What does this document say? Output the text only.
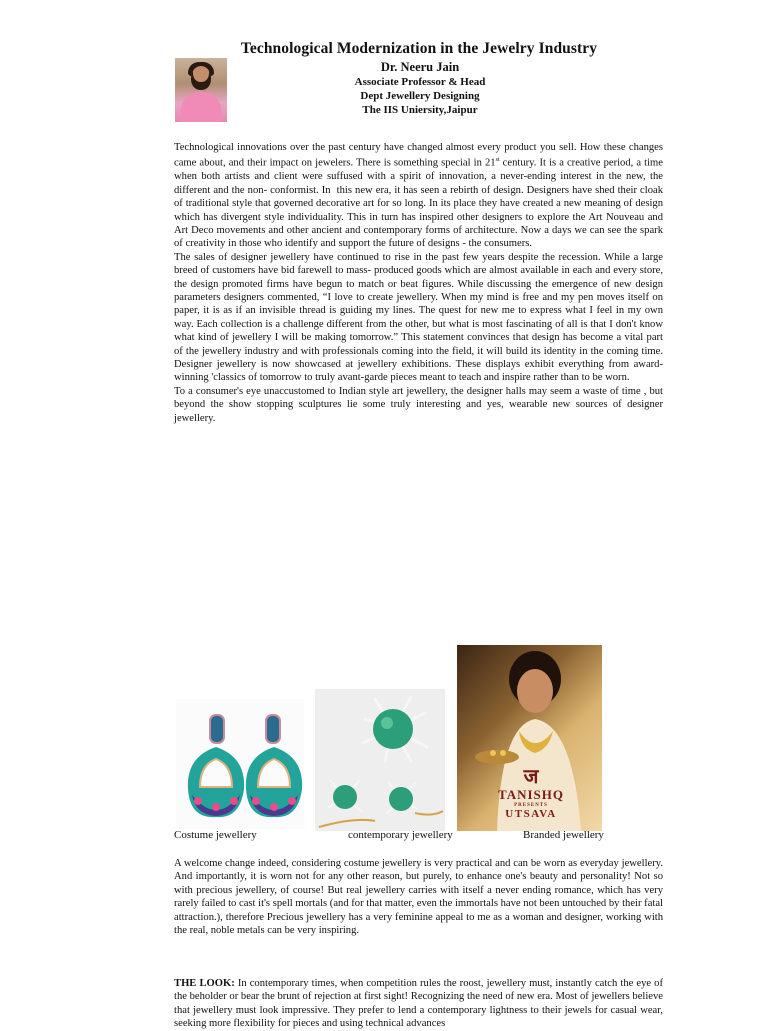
Technological Modernization in the Jewelry Industry
Dr. Neeru Jain
Associate Professor & Head
Dept Jewellery Designing
The IIS Uniersity,Jaipur

Technological innovations over the past century have changed almost every product you sell. How these changes came about, and their impact on jewelers. There is something special in 21st century. It is a creative period, a time when both artists and client were suffused with a spirit of innovation, a never-ending interest in the new, the different and the non- conformist. In  this new era, it has seen a rebirth of design. Designers have shed their cloak of traditional style that governed decorative art for so long. In its place they have created a new meaning of design which has divergent style individuality. This in turn has inspired other designers to explore the Art Nouveau and Art Deco movements and other ancient and contemporary forms of architecture. Now a days we can see the spark of creativity in those who identify and support the future of designs - the consumers.

The sales of designer jewellery have continued to rise in the past few years despite the recession. While a large breed of customers have bid farewell to mass- produced goods which are almost available in each and every store, the design promoted firms have begun to match or beat figures. While discussing the emergence of new design parameters designers commented, “I love to create jewellery. When my mind is free and my pen moves itself on paper, it is as if an invisible thread is guiding my lines. The quest for new me to express what I feel in my own way. Each collection is a challenge different from the other, but what is most fascinating of all is that I don't know what kind of jewellery I will be making tomorrow.” This statement convinces that design has become a vital part of the jewellery industry and with professionals coming into the field, it will build its identity in the coming time. Designer jewellery is now showcased at jewellery exhibitions. These displays exhibit everything from award-winning 'classics of tomorrow to truly avant-garde pieces meant to teach and inspire rather than to be worn.

To a consumer's eye unaccustomed to Indian style art jewellery, the designer halls may seem a waste of time , but beyond the show stopping sculptures lie some truly interesting and yes, wearable new sources of designer jewellery.

ज
TANISHQ
PRESENTS
UTSAVA
Costume jewellery	contemporary jewellery	Branded jewellery

A welcome change indeed, considering costume jewellery is very practical and can be worn as everyday jewellery. And importantly, it is worn not for any other reason, but purely, to enhance one's beauty and personality! Not so with precious jewellery, of course! But real jewellery carries with itself a never ending romance, which has very rarely failed to cast it's spell mortals (and for that matter, even the immortals have not been untouched by their fatal attraction.), therefore Precious jewellery has a very feminine appeal to me as a woman and designer, working with the real, noble metals can be very inspiring.

THE LOOK: In contemporary times, when competition rules the roost, jewellery must, instantly catch the eye of the beholder or bear the brunt of rejection at first sight! Recognizing the need of new era. Most of jewellers believe that jewellery must look impressive. They prefer to lend a contemporary lightness to their jewels for casual wear, seeking more flexibility for pieces and using technical advances
